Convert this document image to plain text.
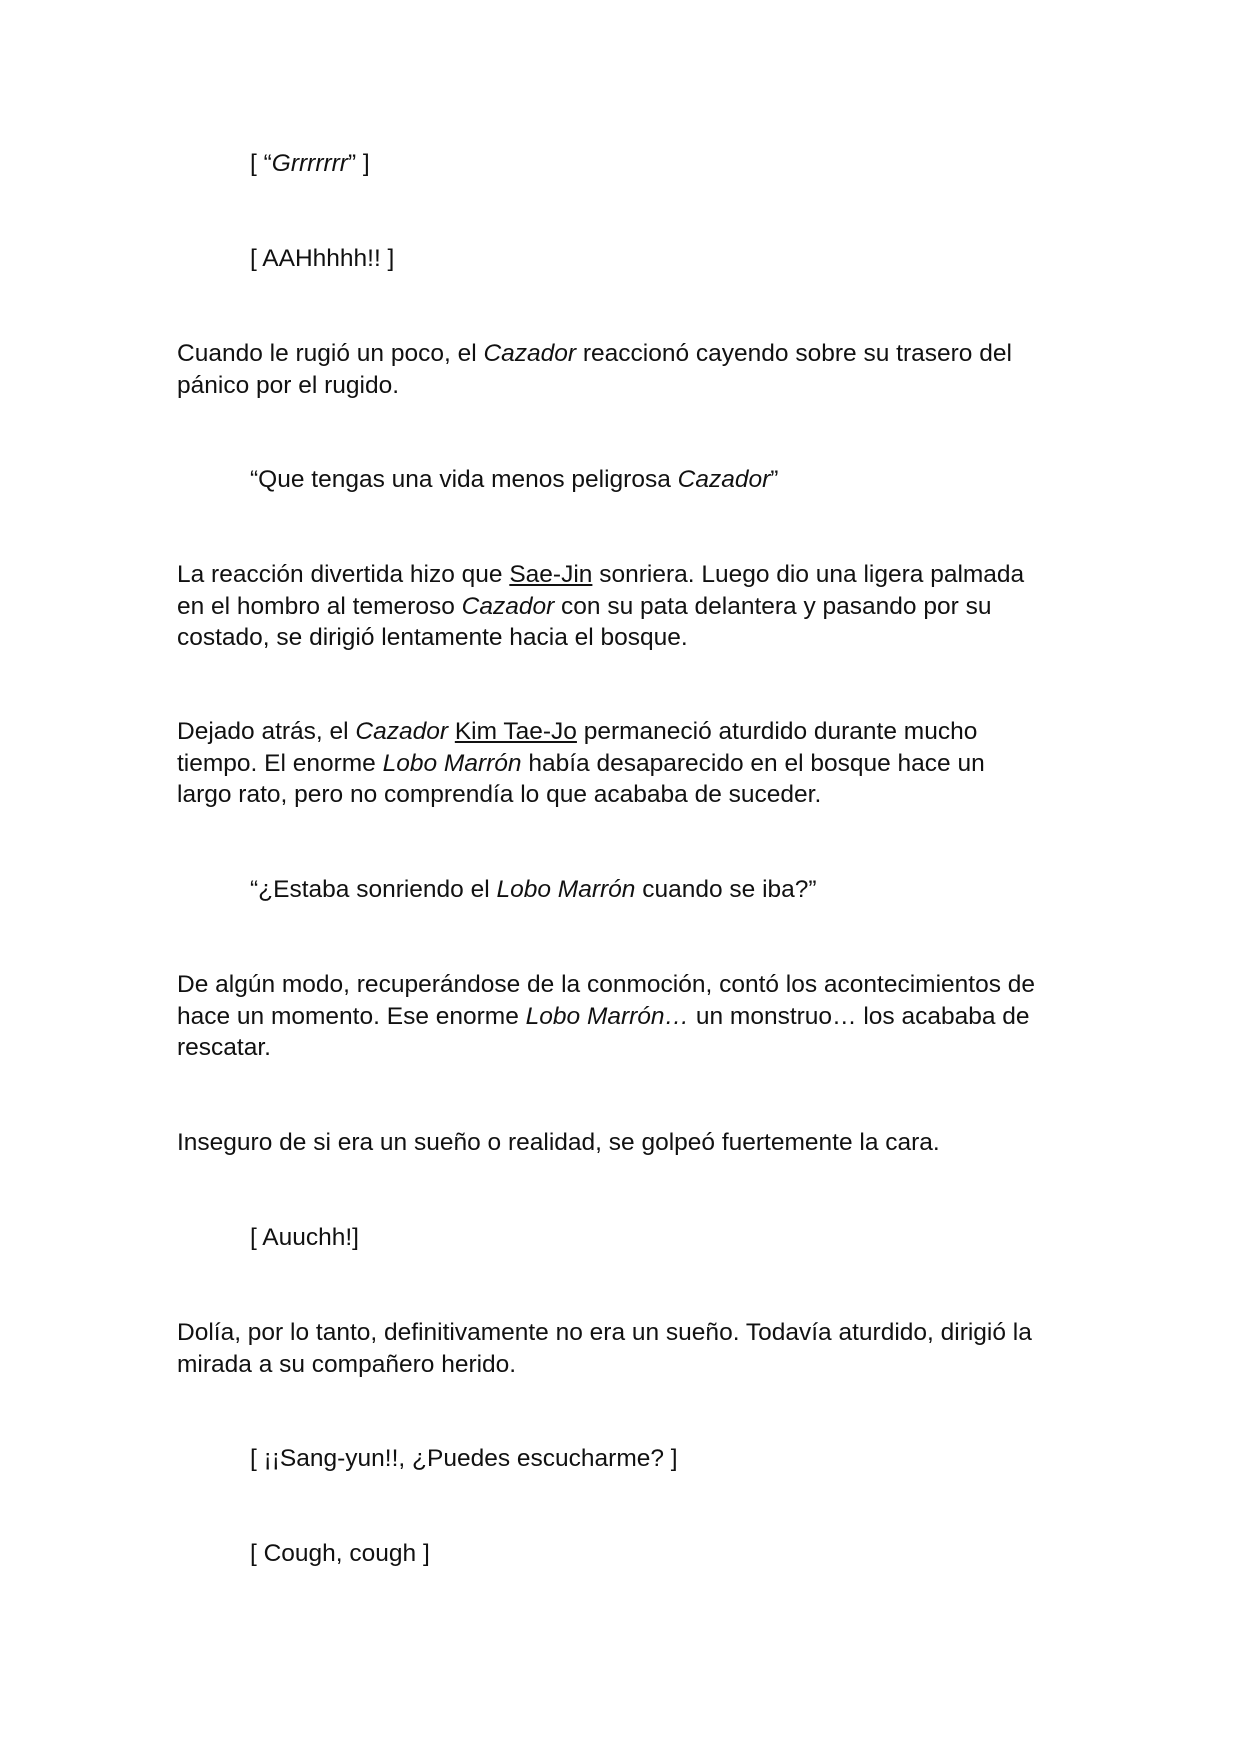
[ “Grrrrrrr” ]

[ AAHhhhh!! ]

Cuando le rugió un poco, el Cazador reaccionó cayendo sobre su trasero del
pánico por el rugido.

“Que tengas una vida menos peligrosa Cazador”

La reacción divertida hizo que Sae-Jin sonriera. Luego dio una ligera palmada
en el hombro al temeroso Cazador con su pata delantera y pasando por su
costado, se dirigió lentamente hacia el bosque.

Dejado atrás, el Cazador Kim Tae-Jo permaneció aturdido durante mucho
tiempo. El enorme Lobo Marrón había desaparecido en el bosque hace un
largo rato, pero no comprendía lo que acababa de suceder.

“¿Estaba sonriendo el Lobo Marrón cuando se iba?”

De algún modo, recuperándose de la conmoción, contó los acontecimientos de
hace un momento. Ese enorme Lobo Marrón… un monstruo… los acababa de
rescatar.

Inseguro de si era un sueño o realidad, se golpeó fuertemente la cara.

[ Auuchh!]

Dolía, por lo tanto, definitivamente no era un sueño. Todavía aturdido, dirigió la
mirada a su compañero herido.

[ ¡¡Sang-yun!!, ¿Puedes escucharme? ]

[ Cough, cough ]
